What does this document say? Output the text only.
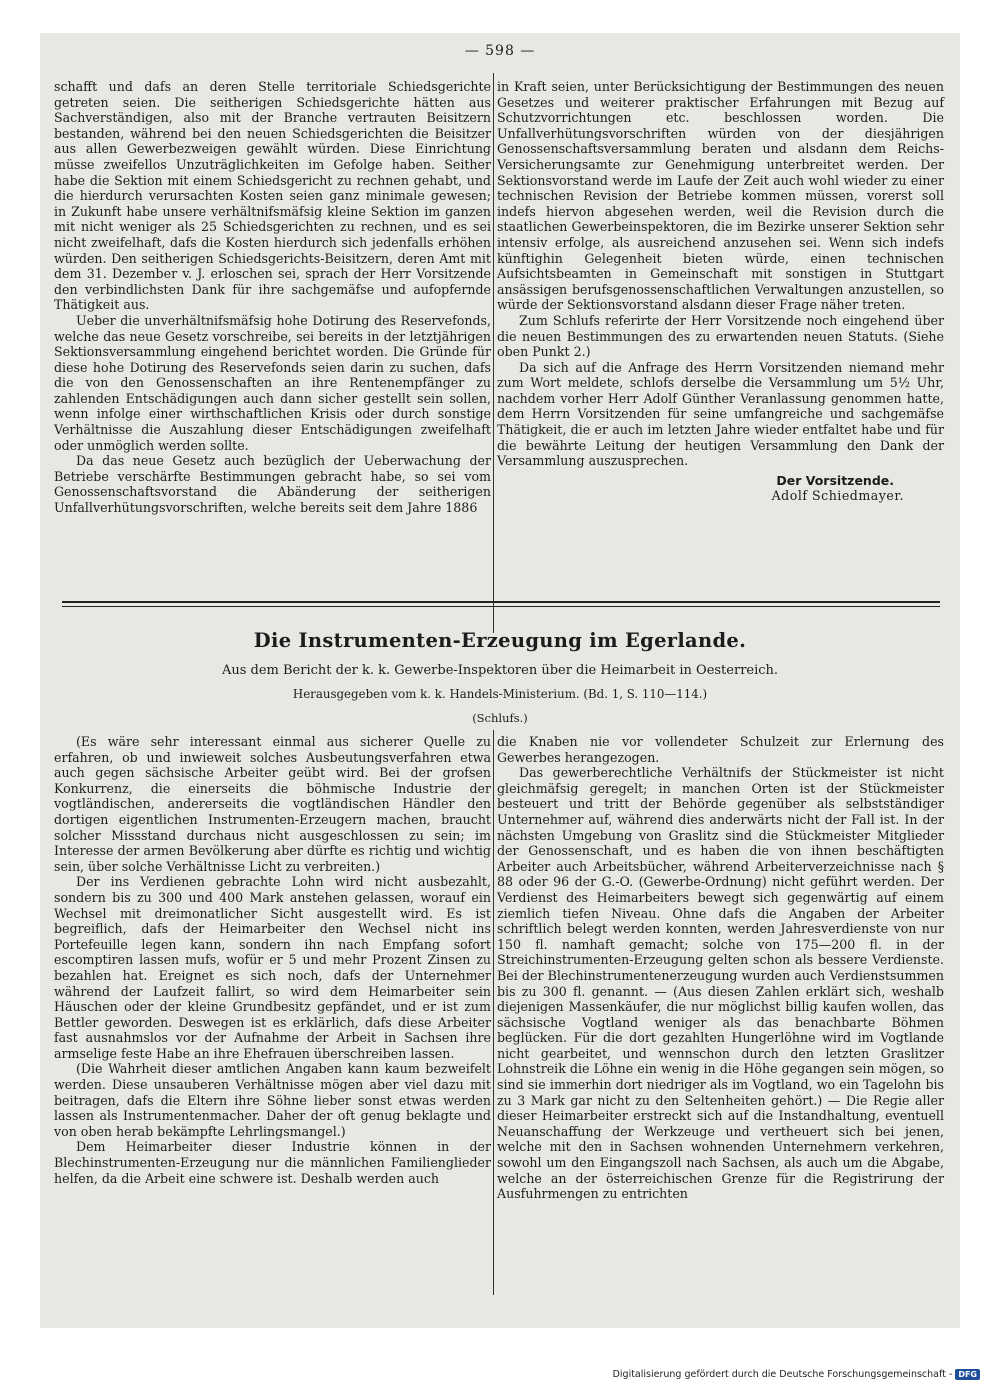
— 598 —

schafft und dafs an deren Stelle territoriale Schiedsgerichte getreten seien. Die seitherigen Schiedsgerichte hätten aus Sachverständigen, also mit der Branche vertrauten Beisitzern bestanden, während bei den neuen Schiedsgerichten die Beisitzer aus allen Gewerbezweigen gewählt würden. Diese Einrichtung müsse zweifellos Unzuträglichkeiten im Gefolge haben. Seither habe die Sektion mit einem Schiedsgericht zu rechnen gehabt, und die hierdurch verursachten Kosten seien ganz minimale gewesen; in Zukunft habe unsere verhältnifsmäfsig kleine Sektion im ganzen mit nicht weniger als 25 Schiedsgerichten zu rechnen, und es sei nicht zweifelhaft, dafs die Kosten hierdurch sich jedenfalls erhöhen würden. Den seitherigen Schiedsgerichts-Beisitzern, deren Amt mit dem 31. Dezember v. J. erloschen sei, sprach der Herr Vorsitzende den verbindlichsten Dank für ihre sachgemäfse und aufopfernde Thätigkeit aus.

Ueber die unverhältnifsmäfsig hohe Dotirung des Reservefonds, welche das neue Gesetz vorschreibe, sei bereits in der letztjährigen Sektionsversammlung eingehend berichtet worden. Die Gründe für diese hohe Dotirung des Reservefonds seien darin zu suchen, dafs die von den Genossenschaften an ihre Rentenempfänger zu zahlenden Entschädigungen auch dann sicher gestellt sein sollen, wenn infolge einer wirthschaftlichen Krisis oder durch sonstige Verhältnisse die Auszahlung dieser Entschädigungen zweifelhaft oder unmöglich werden sollte.

Da das neue Gesetz auch bezüglich der Ueberwachung der Betriebe verschärfte Bestimmungen gebracht habe, so sei vom Genossenschaftsvorstand die Abänderung der seitherigen Unfallverhütungsvorschriften, welche bereits seit dem Jahre 1886

in Kraft seien, unter Berücksichtigung der Bestimmungen des neuen Gesetzes und weiterer praktischer Erfahrungen mit Bezug auf Schutzvorrichtungen etc. beschlossen worden. Die Unfallverhütungsvorschriften würden von der diesjährigen Genossenschaftsversammlung beraten und alsdann dem Reichs-Versicherungsamte zur Genehmigung unterbreitet werden. Der Sektionsvorstand werde im Laufe der Zeit auch wohl wieder zu einer technischen Revision der Betriebe kommen müssen, vorerst soll indefs hiervon abgesehen werden, weil die Revision durch die staatlichen Gewerbeinspektoren, die im Bezirke unserer Sektion sehr intensiv erfolge, als ausreichend anzusehen sei. Wenn sich indefs künftighin Gelegenheit bieten würde, einen technischen Aufsichtsbeamten in Gemeinschaft mit sonstigen in Stuttgart ansässigen berufsgenossenschaftlichen Verwaltungen anzustellen, so würde der Sektionsvorstand alsdann dieser Frage näher treten.

Zum Schlufs referirte der Herr Vorsitzende noch eingehend über die neuen Bestimmungen des zu erwartenden neuen Statuts. (Siehe oben Punkt 2.)

Da sich auf die Anfrage des Herrn Vorsitzenden niemand mehr zum Wort meldete, schlofs derselbe die Versammlung um 5½ Uhr, nachdem vorher Herr Adolf Günther Veranlassung genommen hatte, dem Herrn Vorsitzenden für seine umfangreiche und sachgemäfse Thätigkeit, die er auch im letzten Jahre wieder entfaltet habe und für die bewährte Leitung der heutigen Versammlung den Dank der Versammlung auszusprechen.

Der Vorsitzende.
Adolf Schiedmayer.
Die Instrumenten-Erzeugung im Egerlande.
Aus dem Bericht der k. k. Gewerbe-Inspektoren über die Heimarbeit in Oesterreich.
Herausgegeben vom k. k. Handels-Ministerium. (Bd. 1, S. 110—114.)
(Schlufs.)

(Es wäre sehr interessant einmal aus sicherer Quelle zu erfahren, ob und inwieweit solches Ausbeutungsverfahren etwa auch gegen sächsische Arbeiter geübt wird. Bei der grofsen Konkurrenz, die einerseits die böhmische Industrie der vogtländischen, andererseits die vogtländischen Händler den dortigen eigentlichen Instrumenten-Erzeugern machen, braucht solcher Missstand durchaus nicht ausgeschlossen zu sein; im Interesse der armen Bevölkerung aber dürfte es richtig und wichtig sein, über solche Verhältnisse Licht zu verbreiten.)

Der ins Verdienen gebrachte Lohn wird nicht ausbezahlt, sondern bis zu 300 und 400 Mark anstehen gelassen, worauf ein Wechsel mit dreimonatlicher Sicht ausgestellt wird. Es ist begreiflich, dafs der Heimarbeiter den Wechsel nicht ins Portefeuille legen kann, sondern ihn nach Empfang sofort escomptiren lassen mufs, wofür er 5 und mehr Prozent Zinsen zu bezahlen hat. Ereignet es sich noch, dafs der Unternehmer während der Laufzeit fallirt, so wird dem Heimarbeiter sein Häuschen oder der kleine Grundbesitz gepfändet, und er ist zum Bettler geworden. Deswegen ist es erklärlich, dafs diese Arbeiter fast ausnahmslos vor der Aufnahme der Arbeit in Sachsen ihre armselige feste Habe an ihre Ehefrauen überschreiben lassen.

(Die Wahrheit dieser amtlichen Angaben kann kaum bezweifelt werden. Diese unsauberen Verhältnisse mögen aber viel dazu mit beitragen, dafs die Eltern ihre Söhne lieber sonst etwas werden lassen als Instrumentenmacher. Daher der oft genug beklagte und von oben herab bekämpfte Lehrlingsmangel.)

Dem Heimarbeiter dieser Industrie können in der Blechinstrumenten-Erzeugung nur die männlichen Familienglieder helfen, da die Arbeit eine schwere ist. Deshalb werden auch

die Knaben nie vor vollendeter Schulzeit zur Erlernung des Gewerbes herangezogen.

Das gewerberechtliche Verhältnifs der Stückmeister ist nicht gleichmäfsig geregelt; in manchen Orten ist der Stückmeister besteuert und tritt der Behörde gegenüber als selbstständiger Unternehmer auf, während dies anderwärts nicht der Fall ist. In der nächsten Umgebung von Graslitz sind die Stückmeister Mitglieder der Genossenschaft, und es haben die von ihnen beschäftigten Arbeiter auch Arbeitsbücher, während Arbeiterverzeichnisse nach § 88 oder 96 der G.-O. (Gewerbe-Ordnung) nicht geführt werden. Der Verdienst des Heimarbeiters bewegt sich gegenwärtig auf einem ziemlich tiefen Niveau. Ohne dafs die Angaben der Arbeiter schriftlich belegt werden konnten, werden Jahresverdienste von nur 150 fl. namhaft gemacht; solche von 175—200 fl. in der Streichinstrumenten-Erzeugung gelten schon als bessere Verdienste. Bei der Blechinstrumentenerzeugung wurden auch Verdienstsummen bis zu 300 fl. genannt. — (Aus diesen Zahlen erklärt sich, weshalb diejenigen Massenkäufer, die nur möglichst billig kaufen wollen, das sächsische Vogtland weniger als das benachbarte Böhmen beglücken. Für die dort gezahlten Hungerlöhne wird im Vogtlande nicht gearbeitet, und wennschon durch den letzten Graslitzer Lohnstreik die Löhne ein wenig in die Höhe gegangen sein mögen, so sind sie immerhin dort niedriger als im Vogtland, wo ein Tagelohn bis zu 3 Mark gar nicht zu den Seltenheiten gehört.) — Die Regie aller dieser Heimarbeiter erstreckt sich auf die Instandhaltung, eventuell Neuanschaffung der Werkzeuge und vertheuert sich bei jenen, welche mit den in Sachsen wohnenden Unternehmern verkehren, sowohl um den Eingangszoll nach Sachsen, als auch um die Abgabe, welche an der österreichischen Grenze für die Registrirung der Ausfuhrmengen zu entrichten

Digitalisierung gefördert durch die Deutsche Forschungsgemeinschaft - DFG
